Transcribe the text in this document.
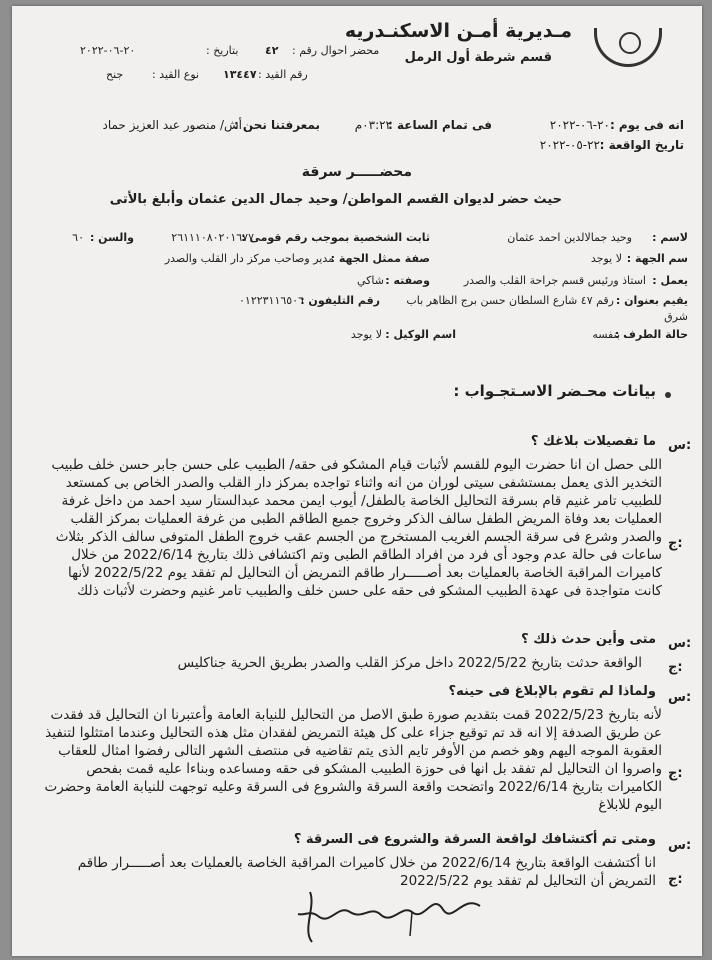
مـديرية أمـن الاسكنـدريه
قسم شرطة أول الرمل
محضر احوال رقم :
٤٢
بتاريخ :
٢٠-٠٦-٢٠٢٢
رقم القيد :
١٣٤٤٧
نوع القيد :
جنح
انه فى يوم :
٢٠-٠٦-٢٠٢٢
فى تمام الساعة :
٠٣:٢٢م
بمعرفتنا نحن :
أش/ منصور عبد العزيز حماد
تاريخ الواقعة :
٢٢-٠٥-٢٠٢٢
محضـــــر سرقة
حيث حضر لديوان القسم المواطن/ وحيد جمال الدين عثمان وأبلغ بالأتى
لاسم :
وحيد جمالالدين احمد عثمان
ثابت الشخصية بموجب رقم قومى :
٢٦١١١٠٨٠٢٠١٦٧٧
والسن :
٦٠
سم الجهة :
لا يوجد
صفة ممثل الجهة :
مدير وصاحب مركز دار القلب والصدر
يعمل :
استاذ ورئيس قسم جراحة القلب والصدر
وصفته :
شاكي
يقيم بعنوان :
رقم ٤٧ شارع السلطان حسن برج الظاهر باب
شرق
رقم التليفون :
٠١٢٢٣١١٦٥٠٦
حالة الطرف :
بنفسه
اسم الوكيل :
لا يوجد
بيانات محـضر الاسـتجـواب :
س:
ما تفصيلات بلاغك ؟
ج:
اللى حصل ان انا حضرت اليوم للقسم لأثبات قيام المشكو فى حقه/ الطبيب على حسن جابر حسن خلف طبيب التخدير الذى يعمل بمستشفى سيتى لوران من انه واثناء تواجده بمركز دار القلب والصدر الخاص بى كمستعد للطبيب تامر غنيم قام بسرقة التحاليل الخاصة بالطفل/ أيوب ايمن محمد عبدالستار سيد احمد من داخل غرفة العمليات بعد وفاة المريض الطفل سالف الذكر وخروج جميع الطاقم الطبى من غرفة العمليات بمركز القلب والصدر وشرع فى سرقة الجسم الغريب المستخرج من الجسم عقب خروج الطفل المتوفى سالف الذكر بثلاث ساعات فى حالة عدم وجود أى فرد من افراد الطاقم الطبى وتم اكتشافى ذلك بتاريخ 2022/6/14 من خلال كاميرات المراقبة الخاصة بالعمليات بعد أصـــــرار طاقم التمريض أن التحاليل لم تفقد يوم 2022/5/22 لأنها كانت متواجدة فى عهدة الطبيب المشكو فى حقه على حسن خلف والطبيب تامر غنيم وحضرت لأثبات ذلك
س:
متى وأين حدث ذلك ؟
ج:
الواقعة حدثت بتاريخ 2022/5/22 داخل مركز القلب والصدر بطريق الحرية جناكليس
س:
ولماذا لم تقوم بالإبلاغ فى حينه؟
ج:
لأنه بتاريخ 2022/5/23 قمت بتقديم صورة طبق الاصل من التحاليل للنيابة العامة وأعتبرنا ان التحاليل قد فقدت عن طريق الصدفة إلا انه قد تم توقيع جزاء على كل هيئة التمريض لفقدان مثل هذه التحاليل وعندما امتثلوا لتنفيذ العقوبة الموجه اليهم وهو خصم من الأوفر تايم الذى يتم تقاضيه فى منتصف الشهر التالى رفضوا امثال للعقاب واصروا ان التحاليل لم تفقد بل انها فى حوزة الطبيب المشكو فى حقه ومساعده وبناءا عليه قمت بفحص الكاميرات بتاريخ 2022/6/14 واتضحت واقعة السرقة والشروع فى السرقة وعليه توجهت للنيابة العامة وحضرت اليوم للابلاغ
س:
ومتى تم أكتشافك لواقعة السرقة والشروع فى السرقة ؟
ج:
انا أكتشفت الواقعة بتاريخ 2022/6/14 من خلال كاميرات المراقبة الخاصة بالعمليات بعد أصـــــرار طاقم التمريض أن التحاليل لم تفقد يوم 2022/5/22
